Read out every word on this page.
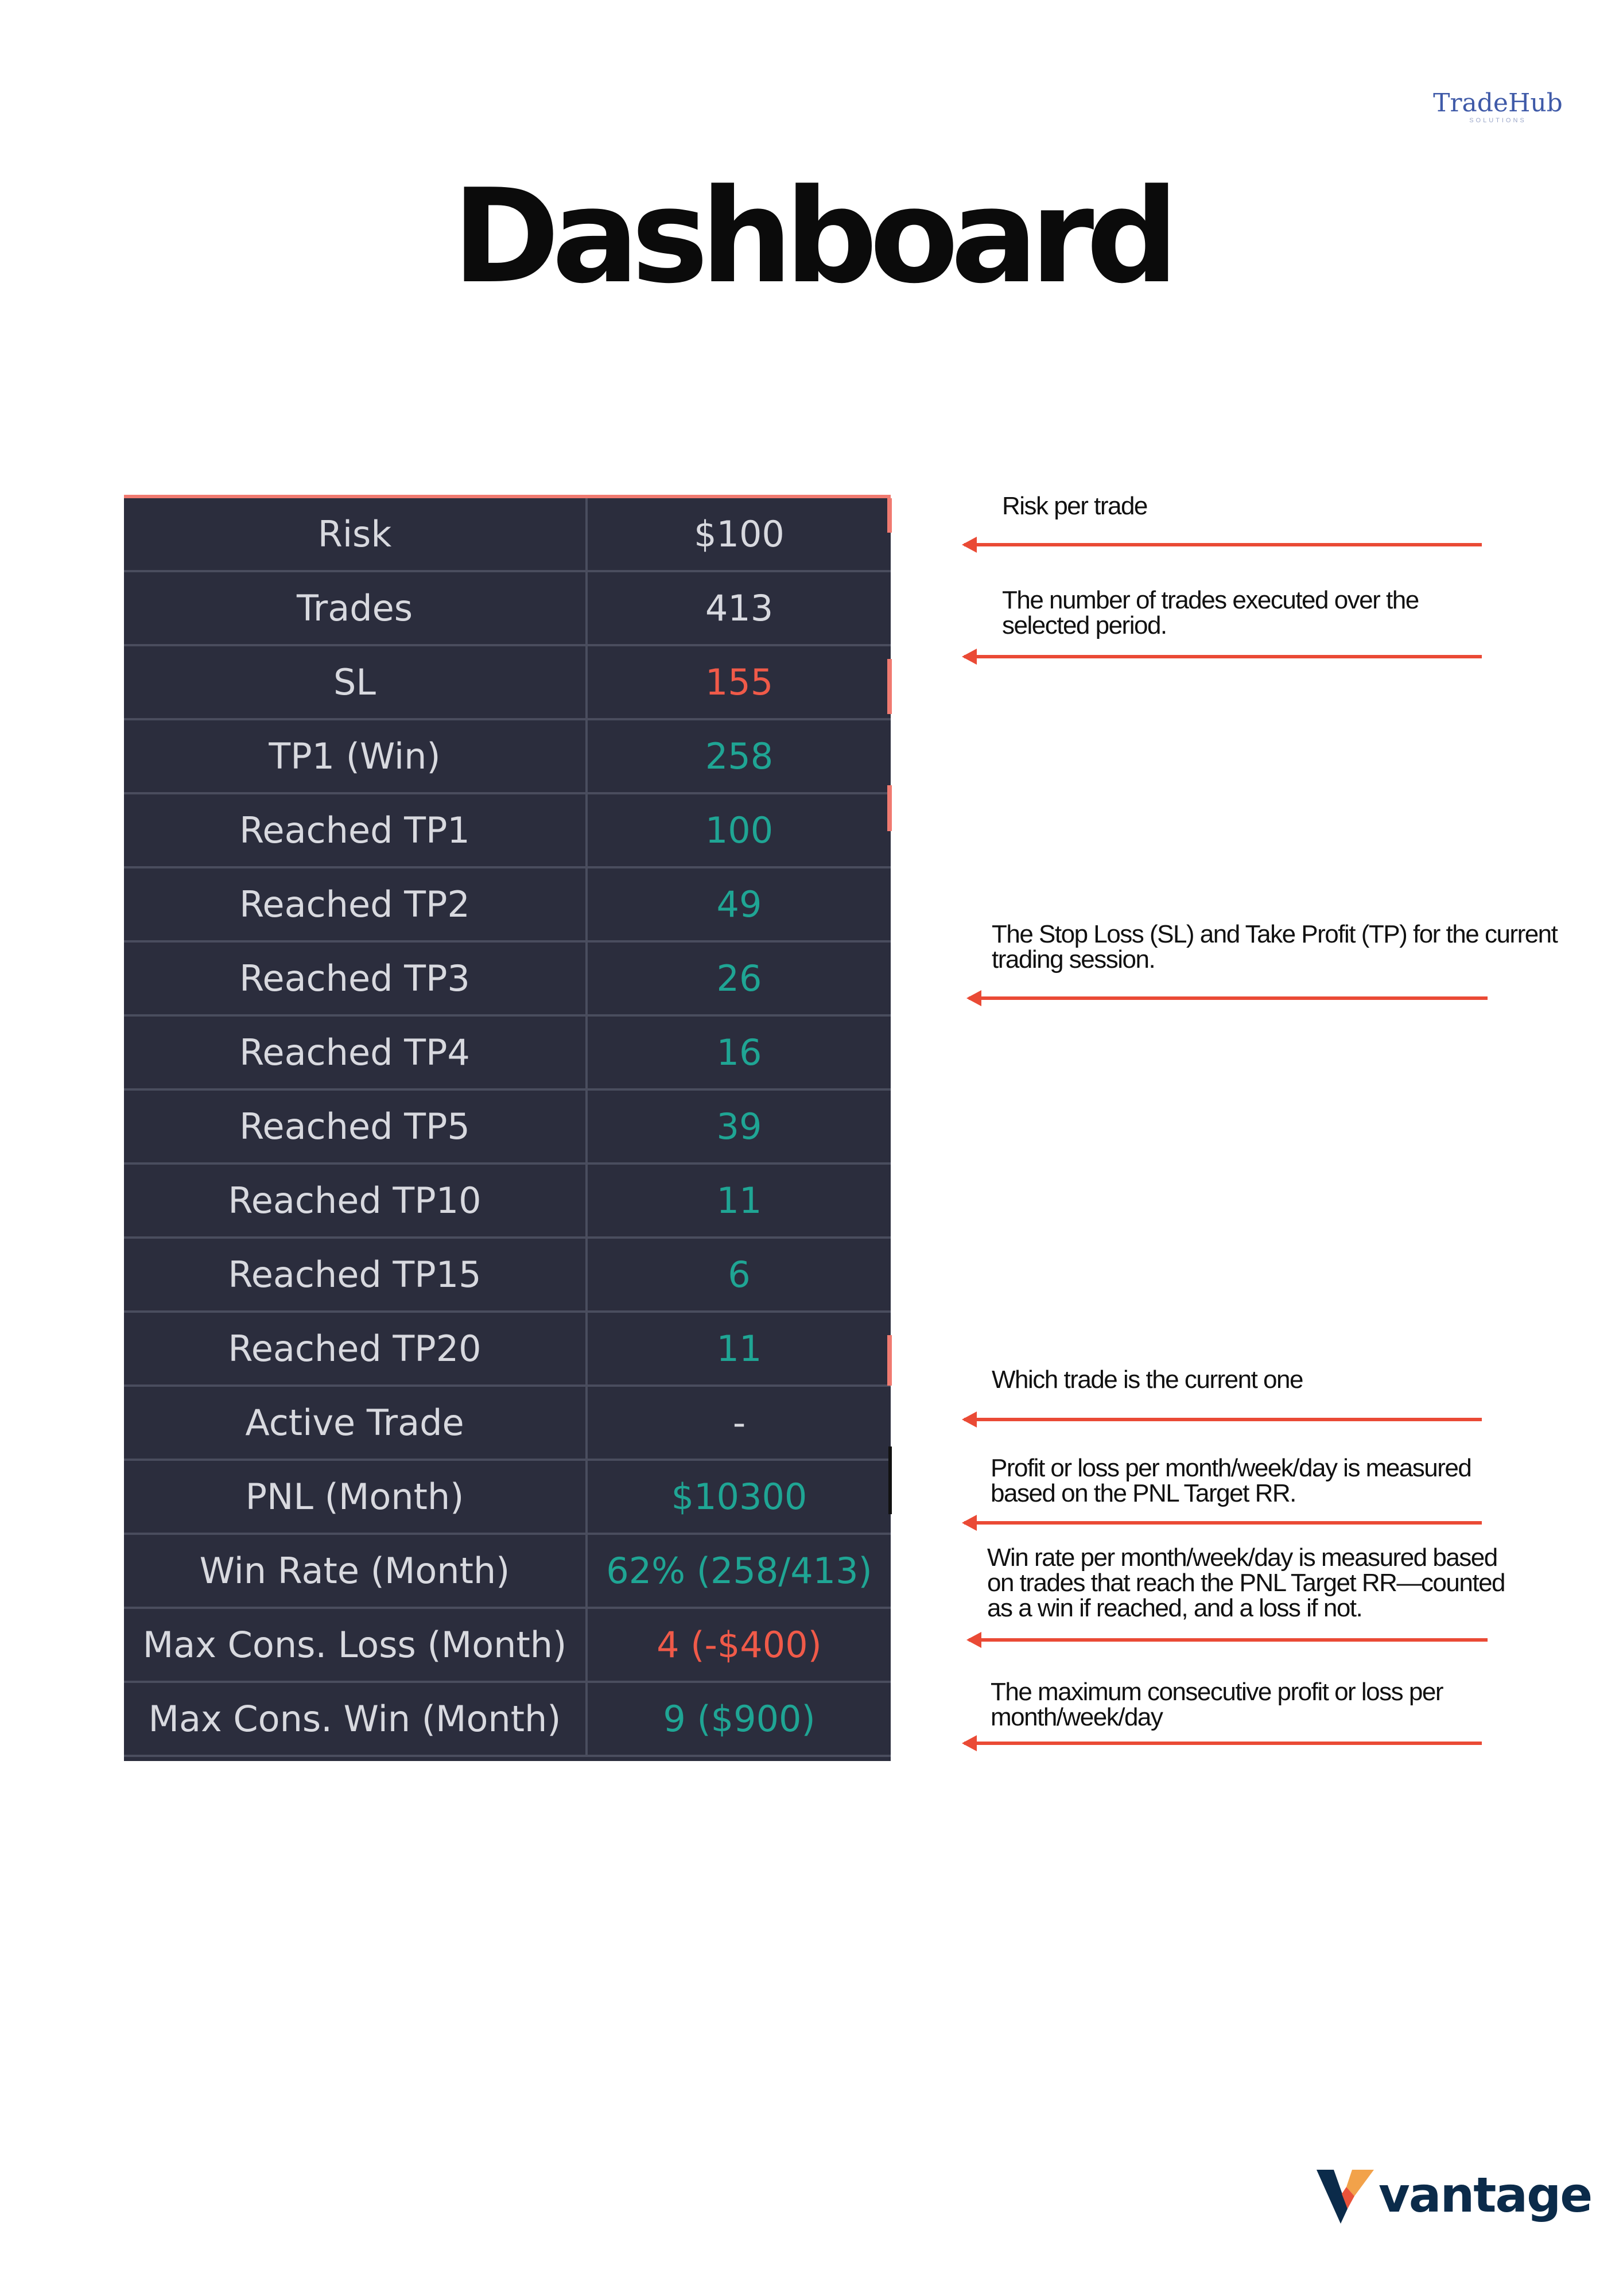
TradeHub
SOLUTIONS
Dashboard
Risk	$100
Trades	413
SL	155
TP1 (Win)	258
Reached TP1	100
Reached TP2	49
Reached TP3	26
Reached TP4	16
Reached TP5	39
Reached TP10	11
Reached TP15	6
Reached TP20	11
Active Trade	-
PNL (Month)	$10300
Win Rate (Month)	62% (258/413)
Max Cons. Loss (Month)	4 (-$400)
Max Cons. Win (Month)	9 ($900)
Risk per trade
The number of trades executed over the
selected period.
The Stop Loss (SL) and Take Profit (TP) for the current
trading session.
Which trade is the current one
Profit or loss per month/week/day is measured
based on the PNL Target RR.
Win rate per month/week/day is measured based
on trades that reach the PNL Target RR—counted
as a win if reached, and a loss if not.
The maximum consecutive profit or loss per
month/week/day
vantage
